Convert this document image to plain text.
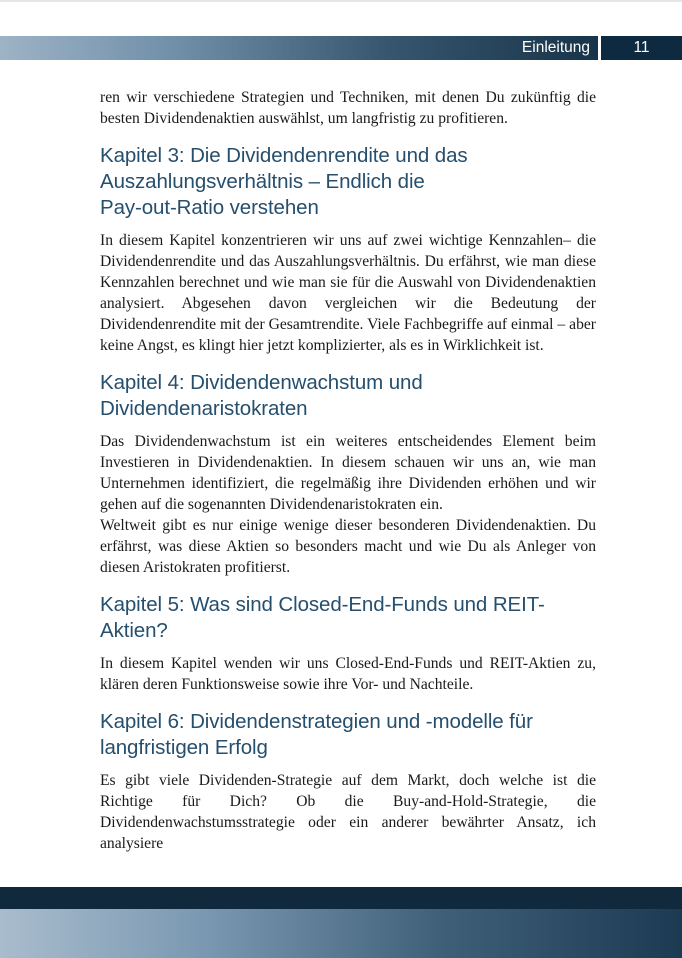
Einleitung	11

ren wir verschiedene Strategien und Techniken, mit denen Du zukünftig die besten Dividendenaktien auswählst, um langfristig zu profitieren.

Kapitel 3: Die Dividendenrendite und das
Auszahlungsverhältnis – Endlich die
Pay-out-Ratio verstehen

In diesem Kapitel konzentrieren wir uns auf zwei wichtige Kennzahlen– die Dividendenrendite und das Auszahlungsverhältnis. Du erfährst, wie man diese Kennzahlen berechnet und wie man sie für die Auswahl von Dividendenaktien analysiert. Abgesehen davon vergleichen wir die Bedeutung der Dividendenrendite mit der Gesamtrendite. Viele Fachbegriffe auf einmal – aber keine Angst, es klingt hier jetzt komplizierter, als es in Wirklichkeit ist.

Kapitel 4: Dividendenwachstum und
Dividendenaristokraten

Das Dividendenwachstum ist ein weiteres entscheidendes Element beim Investieren in Dividendenaktien. In diesem schauen wir uns an, wie man Unternehmen identifiziert, die regelmäßig ihre Dividenden erhöhen und wir gehen auf die sogenannten Dividendenaristokraten ein.

Weltweit gibt es nur einige wenige dieser besonderen Dividendenaktien. Du erfährst, was diese Aktien so besonders macht und wie Du als Anleger von diesen Aristokraten profitierst.

Kapitel 5: Was sind Closed-End-Funds und REIT-
Aktien?

In diesem Kapitel wenden wir uns Closed-End-Funds und REIT-Aktien zu, klären deren Funktionsweise sowie ihre Vor- und Nachteile.

Kapitel 6: Dividendenstrategien und -modelle für
langfristigen Erfolg

Es gibt viele Dividenden-Strategie auf dem Markt, doch welche ist die Richtige für Dich? Ob die Buy-and-Hold-Strategie, die Dividendenwachstumsstrategie oder ein anderer bewährter Ansatz, ich analysiere
